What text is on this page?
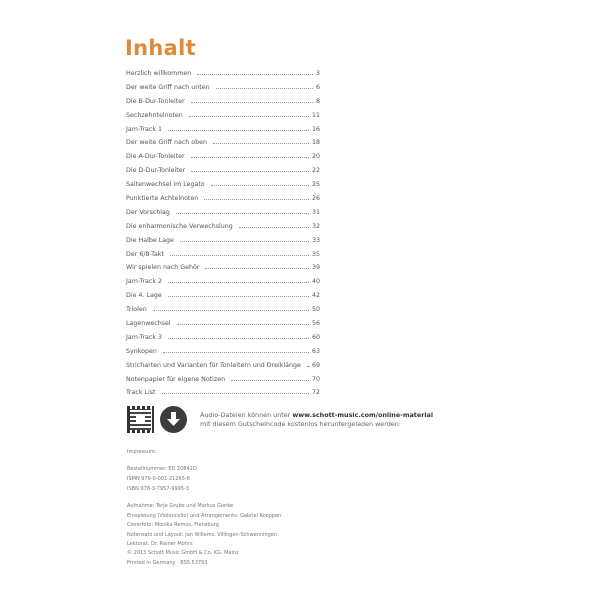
Inhalt
Herzlich willkommen	3
Der weite Griff nach unten	6
Die B-Dur-Tonleiter	8
Sechzehntelnoten	11
Jam-Track 1	16
Der weite Griff nach oben	18
Die A-Dur-Tonleiter	20
Die D-Dur-Tonleiter	22
Saitenwechsel im Legato	25
Punktierte Achtelnoten	26
Der Vorschlag	31
Die enharmonische Verwechslung	32
Die Halbe Lage	33
Der 6/8-Takt	35
Wir spielen nach Gehör	39
Jam-Track 2	40
Die 4. Lage	42
Triolen	50
Lagenwechsel	56
Jam-Track 3	60
Synkopen	63
Stricharten und Varianten für Tonleitern und Dreiklänge 69
Notenpapier für eigene Notizen	70
Track List	72
Audio-Dateien können unter www.schott-music.com/online-material
mit diesem Gutscheincode kostenlos heruntergeladen werden:
Impressum:
Bestellnummer: ED 20842D
ISMN 979-0-001-21265-6
ISBN 978-3-7957-9995-3
Aufnahme: Terje Grube und Markus Gierke
Einspielung (Violoncello) und Arrangements: Gabriel Koeppen
Coverfoto: Monika Remus, Flensburg
Notensatz und Layout: Jan Willems, Villingen-Schwenningen
Lektorat: Dr. Rainer Mohrs
© 2013 Schott Music GmbH & Co. KG, Mainz
Printed in Germany · BSS 53793
